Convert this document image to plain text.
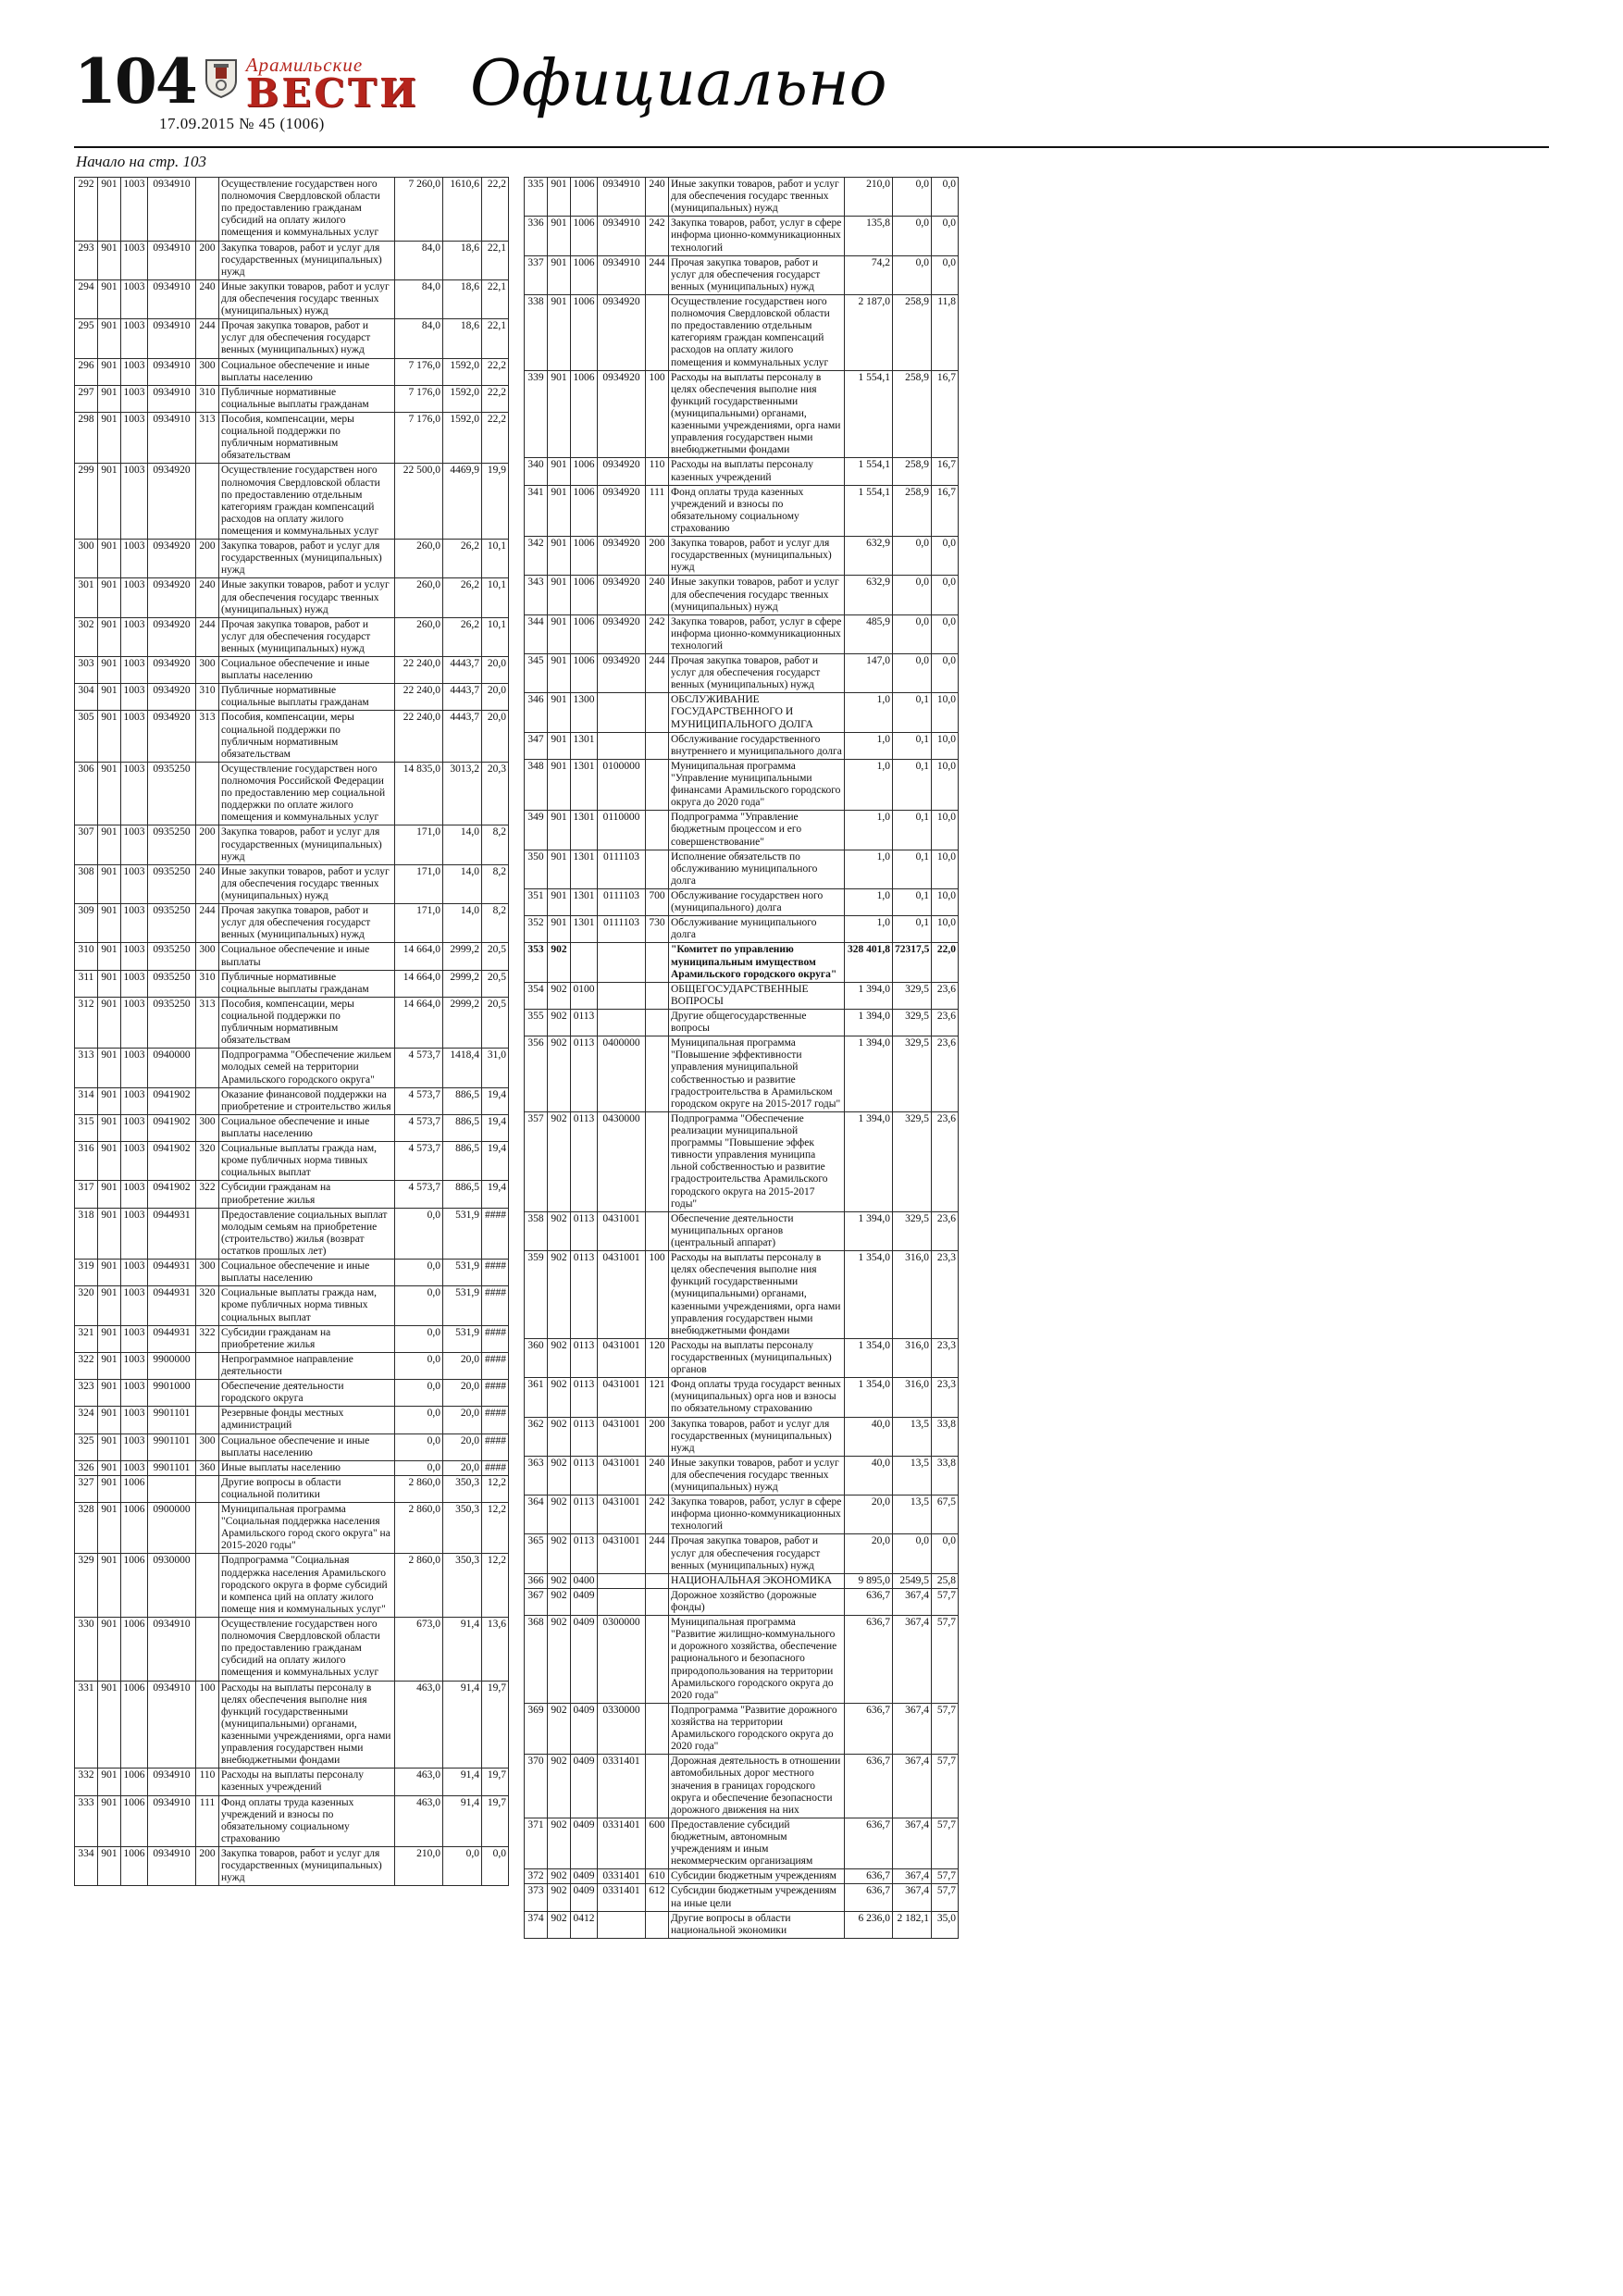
104	Арамильские
ВЕСТИ
17.09.2015 № 45 (1006)
Официально
Начало на стр. 103
292	901	1003	0934910		Осуществление государствен ного полномочия Свердловской области по предоставлению гражданам субсидий на оплату жилого помещения и коммунальных услуг	7 260,0	1610,6	22,2
293	901	1003	0934910	200	Закупка товаров, работ и услуг для государственных (муниципальных) нужд	84,0	18,6	22,1
294	901	1003	0934910	240	Иные закупки товаров, работ и услуг для обеспечения государс твенных (муниципальных) нужд	84,0	18,6	22,1
295	901	1003	0934910	244	Прочая закупка товаров, работ и услуг для обеспечения государст венных (муниципальных) нужд	84,0	18,6	22,1
296	901	1003	0934910	300	Социальное обеспечение и иные выплаты населению	7 176,0	1592,0	22,2
297	901	1003	0934910	310	Публичные нормативные социальные выплаты гражданам	7 176,0	1592,0	22,2
298	901	1003	0934910	313	Пособия, компенсации, меры социальной поддержки по публичным нормативным обязательствам	7 176,0	1592,0	22,2
299	901	1003	0934920		Осуществление государствен ного полномочия Свердловской области по предоставлению отдельным категориям граждан компенсаций расходов на оплату жилого помещения и коммунальных услуг	22 500,0	4469,9	19,9
300	901	1003	0934920	200	Закупка товаров, работ и услуг для государственных (муниципальных) нужд	260,0	26,2	10,1
301	901	1003	0934920	240	Иные закупки товаров, работ и услуг для обеспечения государс твенных (муниципальных) нужд	260,0	26,2	10,1
302	901	1003	0934920	244	Прочая закупка товаров, работ и услуг для обеспечения государст венных (муниципальных) нужд	260,0	26,2	10,1
303	901	1003	0934920	300	Социальное обеспечение и иные выплаты населению	22 240,0	4443,7	20,0
304	901	1003	0934920	310	Публичные нормативные социальные выплаты гражданам	22 240,0	4443,7	20,0
305	901	1003	0934920	313	Пособия, компенсации, меры социальной поддержки по публичным нормативным обязательствам	22 240,0	4443,7	20,0
306	901	1003	0935250		Осуществление государствен ного полномочия Российской Федерации по предоставлению мер социальной поддержки по оплате жилого помещения и коммунальных услуг	14 835,0	3013,2	20,3
307	901	1003	0935250	200	Закупка товаров, работ и услуг для государственных (муниципальных) нужд	171,0	14,0	8,2
308	901	1003	0935250	240	Иные закупки товаров, работ и услуг для обеспечения государс твенных (муниципальных) нужд	171,0	14,0	8,2
309	901	1003	0935250	244	Прочая закупка товаров, работ и услуг для обеспечения государст венных (муниципальных) нужд	171,0	14,0	8,2
310	901	1003	0935250	300	Социальное обеспечение и иные выплаты	14 664,0	2999,2	20,5
311	901	1003	0935250	310	Публичные нормативные социальные выплаты гражданам	14 664,0	2999,2	20,5
312	901	1003	0935250	313	Пособия, компенсации, меры социальной поддержки по публичным нормативным обязательствам	14 664,0	2999,2	20,5
313	901	1003	0940000		Подпрограмма "Обеспечение жильем молодых семей на территории Арамильского городского округа"	4 573,7	1418,4	31,0
314	901	1003	0941902		Оказание финансовой поддержки на приобретение и строительство жилья	4 573,7	886,5	19,4
315	901	1003	0941902	300	Социальное обеспечение и иные выплаты населению	4 573,7	886,5	19,4
316	901	1003	0941902	320	Социальные выплаты гражда нам, кроме публичных норма тивных социальных выплат	4 573,7	886,5	19,4
317	901	1003	0941902	322	Субсидии гражданам на приобретение жилья	4 573,7	886,5	19,4
318	901	1003	0944931		Предоставление социальных выплат молодым семьям на приобретение (строительство) жилья (возврат остатков прошлых лет)	0,0	531,9	####
319	901	1003	0944931	300	Социальное обеспечение и иные выплаты населению	0,0	531,9	####
320	901	1003	0944931	320	Социальные выплаты гражда нам, кроме публичных норма тивных социальных выплат	0,0	531,9	####
321	901	1003	0944931	322	Субсидии гражданам на приобретение жилья	0,0	531,9	####
322	901	1003	9900000		Непрограммное направление деятельности	0,0	20,0	####
323	901	1003	9901000		Обеспечение деятельности городского округа	0,0	20,0	####
324	901	1003	9901101		Резервные фонды местных администраций	0,0	20,0	####
325	901	1003	9901101	300	Социальное обеспечение и иные выплаты населению	0,0	20,0	####
326	901	1003	9901101	360	Иные выплаты населению	0,0	20,0	####
327	901	1006			Другие вопросы в области социальной политики	2 860,0	350,3	12,2
328	901	1006	0900000		Муниципальная программа "Социальная поддержка населения Арамильского город ского округа" на 2015-2020 годы"	2 860,0	350,3	12,2
329	901	1006	0930000		Подпрограмма "Социальная поддержка населения Арамильского городского округа в форме субсидий и компенса ций на оплату жилого помеще ния и коммунальных услуг"	2 860,0	350,3	12,2
330	901	1006	0934910		Осуществление государствен ного полномочия Свердловской области по предоставлению гражданам субсидий на оплату жилого помещения и коммунальных услуг	673,0	91,4	13,6
331	901	1006	0934910	100	Расходы на выплаты персоналу в целях обеспечения выполне ния функций государственными (муниципальными) органами, казенными учреждениями, орга нами управления государствен ными внебюджетными фондами	463,0	91,4	19,7
332	901	1006	0934910	110	Расходы на выплаты персоналу казенных учреждений	463,0	91,4	19,7
333	901	1006	0934910	111	Фонд оплаты труда казенных учреждений и взносы по обязательному социальному страхованию	463,0	91,4	19,7
334	901	1006	0934910	200	Закупка товаров, работ и услуг для государственных (муниципальных) нужд	210,0	0,0	0,0
335	901	1006	0934910	240	Иные закупки товаров, работ и услуг для обеспечения государс твенных (муниципальных) нужд	210,0	0,0	0,0
336	901	1006	0934910	242	Закупка товаров, работ, услуг в сфере информа ционно-коммуникационных технологий	135,8	0,0	0,0
337	901	1006	0934910	244	Прочая закупка товаров, работ и услуг для обеспечения государст венных (муниципальных) нужд	74,2	0,0	0,0
338	901	1006	0934920		Осуществление государствен ного полномочия Свердловской области по предоставлению отдельным категориям граждан компенсаций расходов на оплату жилого помещения и коммунальных услуг	2 187,0	258,9	11,8
339	901	1006	0934920	100	Расходы на выплаты персоналу в целях обеспечения выполне ния функций государственными (муниципальными) органами, казенными учреждениями, орга нами управления государствен ными внебюджетными фондами	1 554,1	258,9	16,7
340	901	1006	0934920	110	Расходы на выплаты персоналу казенных учреждений	1 554,1	258,9	16,7
341	901	1006	0934920	111	Фонд оплаты труда казенных учреждений и взносы по обязательному социальному страхованию	1 554,1	258,9	16,7
342	901	1006	0934920	200	Закупка товаров, работ и услуг для государственных (муниципальных) нужд	632,9	0,0	0,0
343	901	1006	0934920	240	Иные закупки товаров, работ и услуг для обеспечения государс твенных (муниципальных) нужд	632,9	0,0	0,0
344	901	1006	0934920	242	Закупка товаров, работ, услуг в сфере информа ционно-коммуникационных технологий	485,9	0,0	0,0
345	901	1006	0934920	244	Прочая закупка товаров, работ и услуг для обеспечения государст венных (муниципальных) нужд	147,0	0,0	0,0
346	901	1300			ОБСЛУЖИВАНИЕ ГОСУДАРСТВЕННОГО И МУНИЦИПАЛЬНОГО ДОЛГА	1,0	0,1	10,0
347	901	1301			Обслуживание государственного внутреннего и муниципального долга	1,0	0,1	10,0
348	901	1301	0100000		Муниципальная программа "Управление муниципальными финансами Арамильского городского округа до 2020 года"	1,0	0,1	10,0
349	901	1301	0110000		Подпрограмма "Управление бюджетным процессом и его совершенствование"	1,0	0,1	10,0
350	901	1301	0111103		Исполнение обязательств по обслуживанию муниципального долга	1,0	0,1	10,0
351	901	1301	0111103	700	Обслуживание государствен ного (муниципального) долга	1,0	0,1	10,0
352	901	1301	0111103	730	Обслуживание муниципального долга	1,0	0,1	10,0
353	902				"Комитет по управлению муниципальным имуществом Арамильского городского округа"	328 401,8	72317,5	22,0
354	902	0100			ОБЩЕГОСУДАРСТВЕННЫЕ ВОПРОСЫ	1 394,0	329,5	23,6
355	902	0113			Другие общегосударственные вопросы	1 394,0	329,5	23,6
356	902	0113	0400000		Муниципальная программа "Повышение эффективности управления муниципальной собственностью и развитие градостроительства в Арамильском городском округе на 2015-2017 годы"	1 394,0	329,5	23,6
357	902	0113	0430000		Подпрограмма "Обеспечение реализации муниципальной программы "Повышение эффек тивности управления муниципа льной собственностью и развитие градостроительства Арамильского городского округа на 2015-2017 годы"	1 394,0	329,5	23,6
358	902	0113	0431001		Обеспечение деятельности муниципальных органов (центральный аппарат)	1 394,0	329,5	23,6
359	902	0113	0431001	100	Расходы на выплаты персоналу в целях обеспечения выполне ния функций государственными (муниципальными) органами, казенными учреждениями, орга нами управления государствен ными внебюджетными фондами	1 354,0	316,0	23,3
360	902	0113	0431001	120	Расходы на выплаты персоналу государственных (муниципальных) органов	1 354,0	316,0	23,3
361	902	0113	0431001	121	Фонд оплаты труда государст венных (муниципальных) орга нов и взносы по обязательному страхованию	1 354,0	316,0	23,3
362	902	0113	0431001	200	Закупка товаров, работ и услуг для государственных (муниципальных) нужд	40,0	13,5	33,8
363	902	0113	0431001	240	Иные закупки товаров, работ и услуг для обеспечения государс твенных (муниципальных) нужд	40,0	13,5	33,8
364	902	0113	0431001	242	Закупка товаров, работ, услуг в сфере информа ционно-коммуникационных технологий	20,0	13,5	67,5
365	902	0113	0431001	244	Прочая закупка товаров, работ и услуг для обеспечения государст венных (муниципальных) нужд	20,0	0,0	0,0
366	902	0400			НАЦИОНАЛЬНАЯ ЭКОНОМИКА	9 895,0	2549,5	25,8
367	902	0409			Дорожное хозяйство (дорожные фонды)	636,7	367,4	57,7
368	902	0409	0300000		Муниципальная программа "Развитие жилищно-коммунального и дорожного хозяйства, обеспечение рационального и безопасного природопользования на территории Арамильского городского округа до 2020 года"	636,7	367,4	57,7
369	902	0409	0330000		Подпрограмма "Развитие дорожного хозяйства на территории Арамильского городского округа до 2020 года"	636,7	367,4	57,7
370	902	0409	0331401		Дорожная деятельность в отношении автомобильных дорог местного значения в границах городского округа и обеспечение безопасности дорожного движения на них	636,7	367,4	57,7
371	902	0409	0331401	600	Предоставление субсидий бюджетным, автономным учреждениям и иным некоммерческим организациям	636,7	367,4	57,7
372	902	0409	0331401	610	Субсидии бюджетным учреждениям	636,7	367,4	57,7
373	902	0409	0331401	612	Субсидии бюджетным учреждениям на иные цели	636,7	367,4	57,7
374	902	0412			Другие вопросы в области национальной экономики	6 236,0	2 182,1	35,0
